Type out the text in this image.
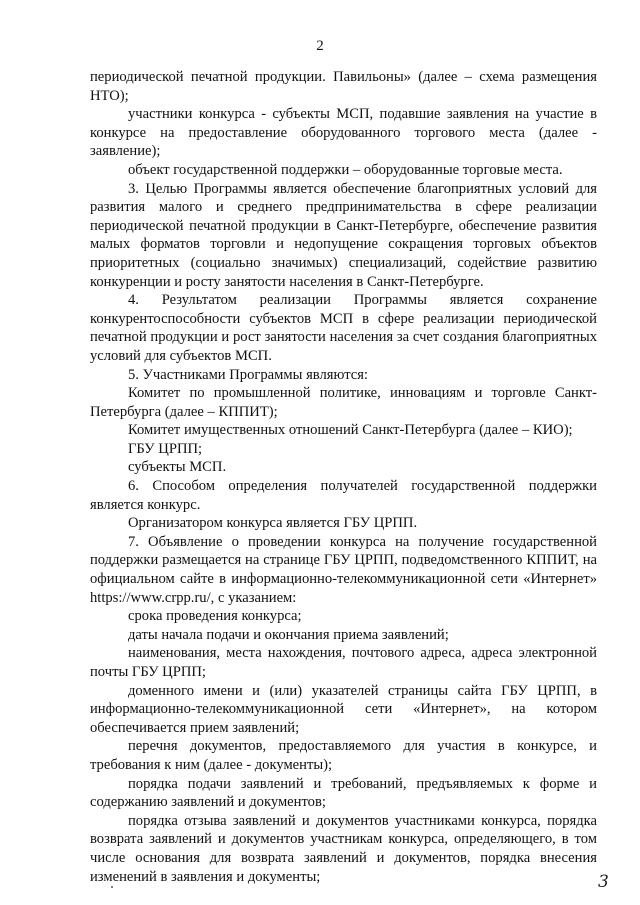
2

периодической печатной продукции. Павильоны» (далее – схема размещения НТО);

участники конкурса - субъекты МСП, подавшие заявления на участие в конкурсе на предоставление оборудованного торгового места (далее - заявление);

объект государственной поддержки – оборудованные торговые места.

3. Целью Программы является обеспечение благоприятных условий для развития малого и среднего предпринимательства в сфере реализации периодической печатной продукции в Санкт-Петербурге, обеспечение развития малых форматов торговли и недопущение сокращения торговых объектов приоритетных (социально значимых) специализаций, содействие развитию конкуренции и росту занятости населения в Санкт-Петербурге.

4. Результатом реализации Программы является сохранение конкурентоспособности субъектов МСП в сфере реализации периодической печатной продукции и рост занятости населения за счет создания благоприятных условий для субъектов МСП.

5. Участниками Программы являются:

Комитет по промышленной политике, инновациям и торговле Санкт-Петербурга (далее – КППИТ);

Комитет имущественных отношений Санкт-Петербурга (далее – КИО);

ГБУ ЦРПП;

субъекты МСП.

6. Способом определения получателей государственной поддержки является конкурс.

Организатором конкурса является ГБУ ЦРПП.

7. Объявление о проведении конкурса на получение государственной поддержки размещается на странице ГБУ ЦРПП, подведомственного КППИТ, на официальном сайте в информационно-телекоммуникационной сети «Интернет» https://www.crpp.ru/, с указанием:

срока проведения конкурса;

даты начала подачи и окончания приема заявлений;

наименования, места нахождения, почтового адреса, адреса электронной почты ГБУ ЦРПП;

доменного имени и (или) указателей страницы сайта ГБУ ЦРПП, в информационно-телекоммуникационной сети «Интернет», на котором обеспечивается прием заявлений;

перечня документов, предоставляемого для участия в конкурсе, и требования к ним (далее - документы);

порядка подачи заявлений и требований, предъявляемых к форме и содержанию заявлений и документов;

порядка отзыва заявлений и документов участниками конкурса, порядка возврата заявлений и документов участникам конкурса, определяющего, в том числе основания для возврата заявлений и документов, порядка внесения изменений в заявления и документы;	3
